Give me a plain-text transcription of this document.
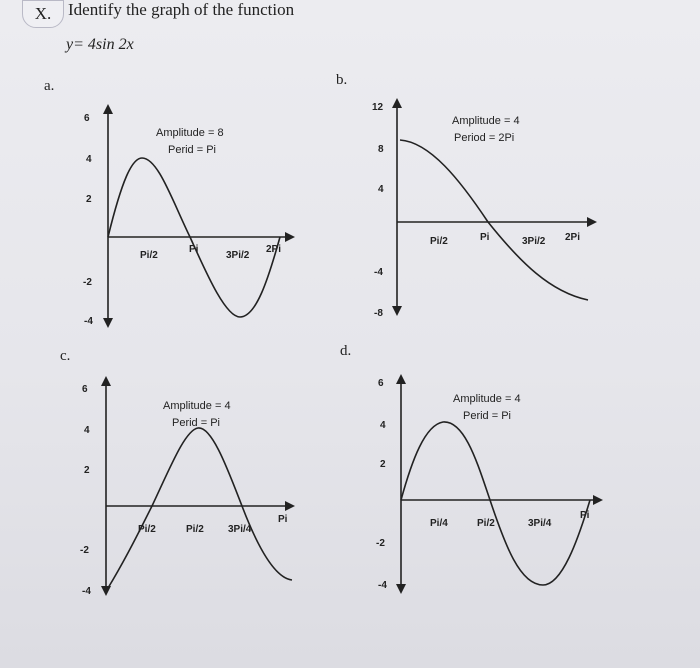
X. Identify the graph of the function
y= 4sin 2x
a.	b.
c.	d.
Amplitude = 8
Perid = Pi
6
4
2
-2
-4
Pi/2
Pi
3Pi/2
2Pi
Amplitude = 4
Period = 2Pi
12
8
4
-4
-8
Pi/2	Pi	3Pi/2 2Pi
Amplitude = 4
Perid = Pi
6
4
2
-2
-4
Pi/2	Pi/2 3Pi/4
Pi
Amplitude = 4
Perid = Pi
6
4
2
-2
-4
Pi/4	Pi/2	3Pi/4
Pi
